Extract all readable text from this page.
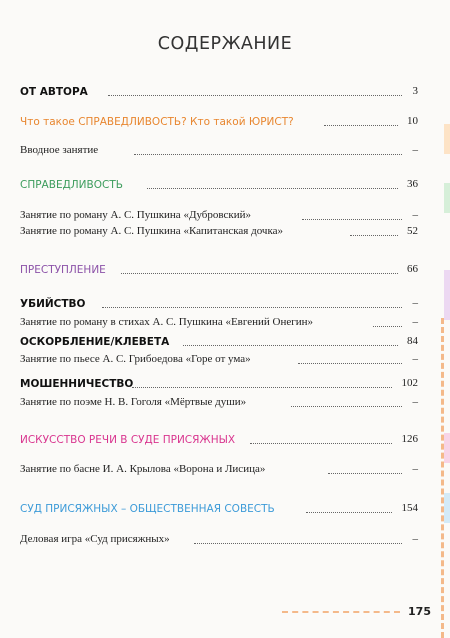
СОДЕРЖАНИЕ
ОТ АВТОРА	3
Что такое СПРАВЕДЛИВОСТЬ? Кто такой ЮРИСТ?	10
Вводное занятие	–
СПРАВЕДЛИВОСТЬ	36
Занятие по роману А. С. Пушкина «Дубровский»	–
Занятие по роману А. С. Пушкина «Капитанская дочка»	52
ПРЕСТУПЛЕНИЕ	66
УБИЙСТВО	–
Занятие по роману в стихах А. С. Пушкина «Евгений Онегин»	–
ОСКОРБЛЕНИЕ/КЛЕВЕТА	84
Занятие по пьесе А. С. Грибоедова «Горе от ума»	–
МОШЕННИЧЕСТВО	102
Занятие по поэме Н. В. Гоголя «Мёртвые души»	–
ИСКУССТВО РЕЧИ В СУДЕ ПРИСЯЖНЫХ	126
Занятие по басне И. А. Крылова «Ворона и Лисица»	–
СУД ПРИСЯЖНЫХ – ОБЩЕСТВЕННАЯ СОВЕСТЬ	154
Деловая игра «Суд присяжных»	–
175
